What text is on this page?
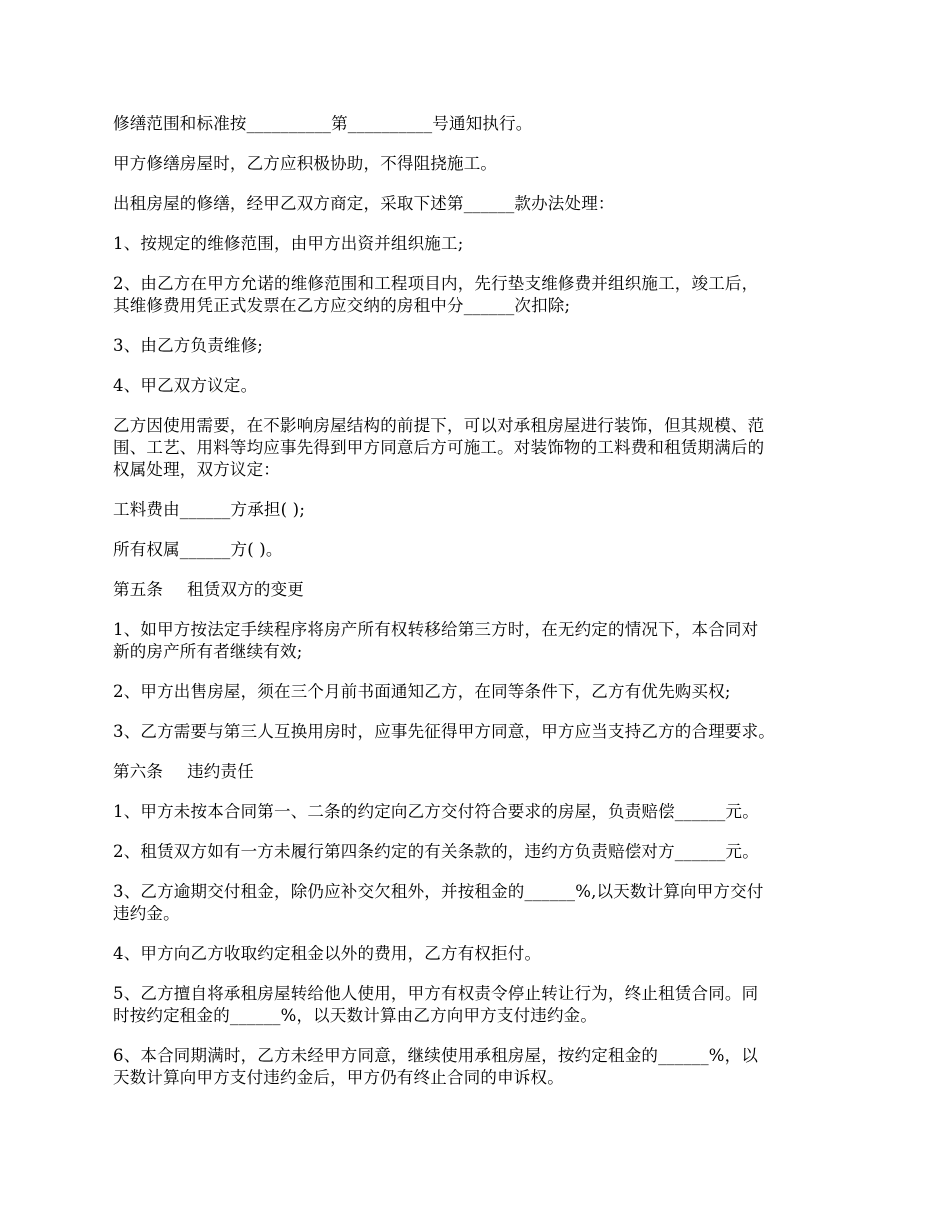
修缮范围和标准按__________第__________号通知执行。

甲方修缮房屋时，乙方应积极协助，不得阻挠施工。

出租房屋的修缮，经甲乙双方商定，采取下述第______款办法处理：

1、按规定的维修范围，由甲方出资并组织施工;

2、由乙方在甲方允诺的维修范围和工程项目内，先行垫支维修费并组织施工，竣工后，
其维修费用凭正式发票在乙方应交纳的房租中分______次扣除;

3、由乙方负责维修;

4、甲乙双方议定。

乙方因使用需要，在不影响房屋结构的前提下，可以对承租房屋进行装饰，但其规模、范
围、工艺、用料等均应事先得到甲方同意后方可施工。对装饰物的工料费和租赁期满后的
权属处理，双方议定：

工料费由______方承担( );

所有权属______方( )。

第五条 租赁双方的变更

1、如甲方按法定手续程序将房产所有权转移给第三方时，在无约定的情况下，本合同对
新的房产所有者继续有效;

2、甲方出售房屋，须在三个月前书面通知乙方，在同等条件下，乙方有优先购买权;

3、乙方需要与第三人互换用房时，应事先征得甲方同意，甲方应当支持乙方的合理要求。

第六条 违约责任

1、甲方未按本合同第一、二条的约定向乙方交付符合要求的房屋，负责赔偿______元。

2、租赁双方如有一方未履行第四条约定的有关条款的，违约方负责赔偿对方______元。

3、乙方逾期交付租金，除仍应补交欠租外，并按租金的______%,以天数计算向甲方交付
违约金。

4、甲方向乙方收取约定租金以外的费用，乙方有权拒付。

5、乙方擅自将承租房屋转给他人使用，甲方有权责令停止转让行为，终止租赁合同。同
时按约定租金的______%，以天数计算由乙方向甲方支付违约金。

6、本合同期满时，乙方未经甲方同意，继续使用承租房屋，按约定租金的______%，以
天数计算向甲方支付违约金后，甲方仍有终止合同的申诉权。
